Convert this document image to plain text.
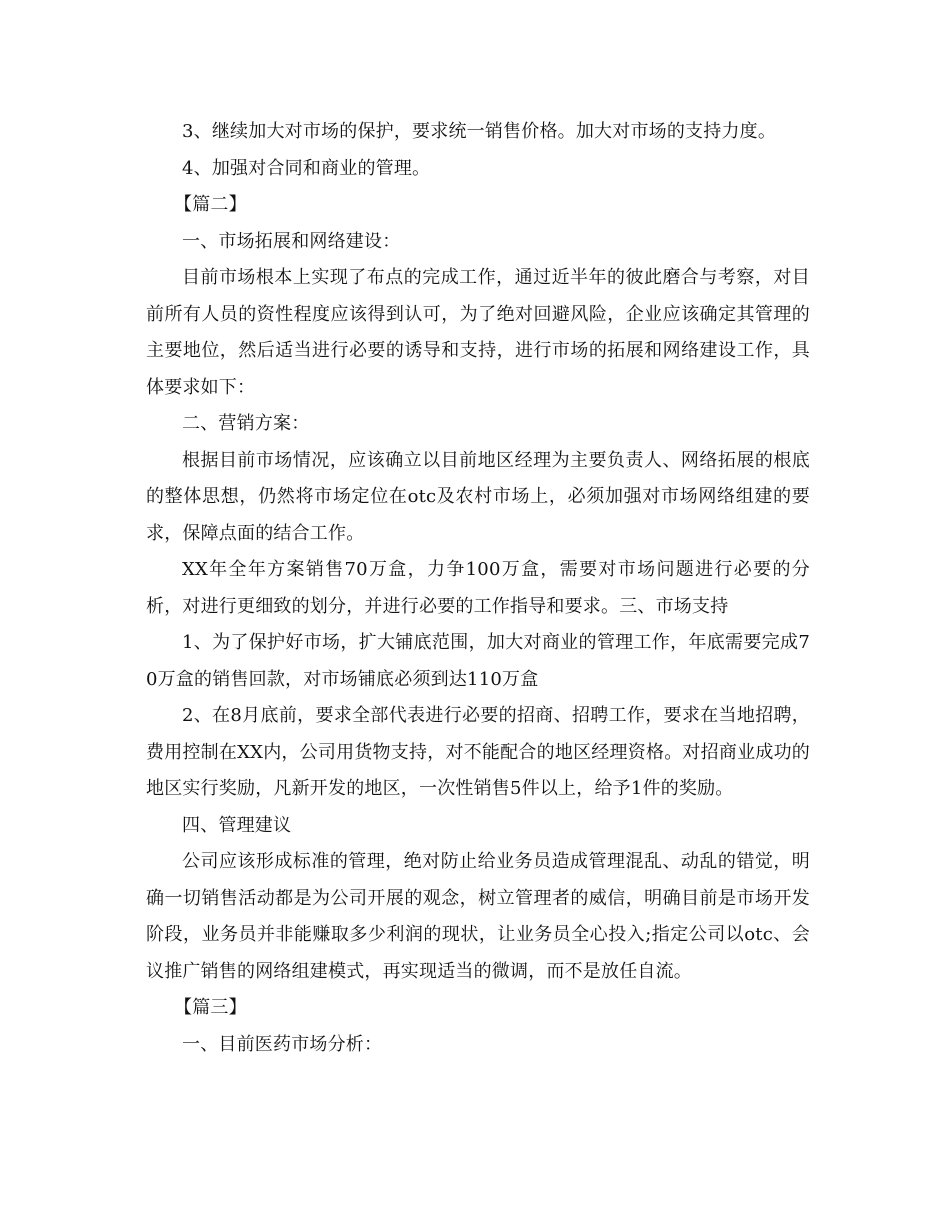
3、继续加大对市场的保护，要求统一销售价格。加大对市场的支持力度。

4、加强对合同和商业的管理。

【篇二】

一、市场拓展和网络建设：

目前市场根本上实现了布点的完成工作，通过近半年的彼此磨合与考察，对目前所有人员的资性程度应该得到认可，为了绝对回避风险，企业应该确定其管理的主要地位，然后适当进行必要的诱导和支持，进行市场的拓展和网络建设工作，具体要求如下：

二、营销方案：

根据目前市场情况，应该确立以目前地区经理为主要负责人、网络拓展的根底的整体思想，仍然将市场定位在otc及农村市场上，必须加强对市场网络组建的要求，保障点面的结合工作。

XX年全年方案销售70万盒，力争100万盒，需要对市场问题进行必要的分析，对进行更细致的划分，并进行必要的工作指导和要求。三、市场支持

1、为了保护好市场，扩大铺底范围，加大对商业的管理工作，年底需要完成70万盒的销售回款，对市场铺底必须到达110万盒

2、在8月底前，要求全部代表进行必要的招商、招聘工作，要求在当地招聘，费用控制在XX内，公司用货物支持，对不能配合的地区经理资格。对招商业成功的地区实行奖励，凡新开发的地区，一次性销售5件以上，给予1件的奖励。

四、管理建议

公司应该形成标准的管理，绝对防止给业务员造成管理混乱、动乱的错觉，明确一切销售活动都是为公司开展的观念，树立管理者的威信，明确目前是市场开发阶段，业务员并非能赚取多少利润的现状，让业务员全心投入;指定公司以otc、会议推广销售的网络组建模式，再实现适当的微调，而不是放任自流。

【篇三】

一、目前医药市场分析：
